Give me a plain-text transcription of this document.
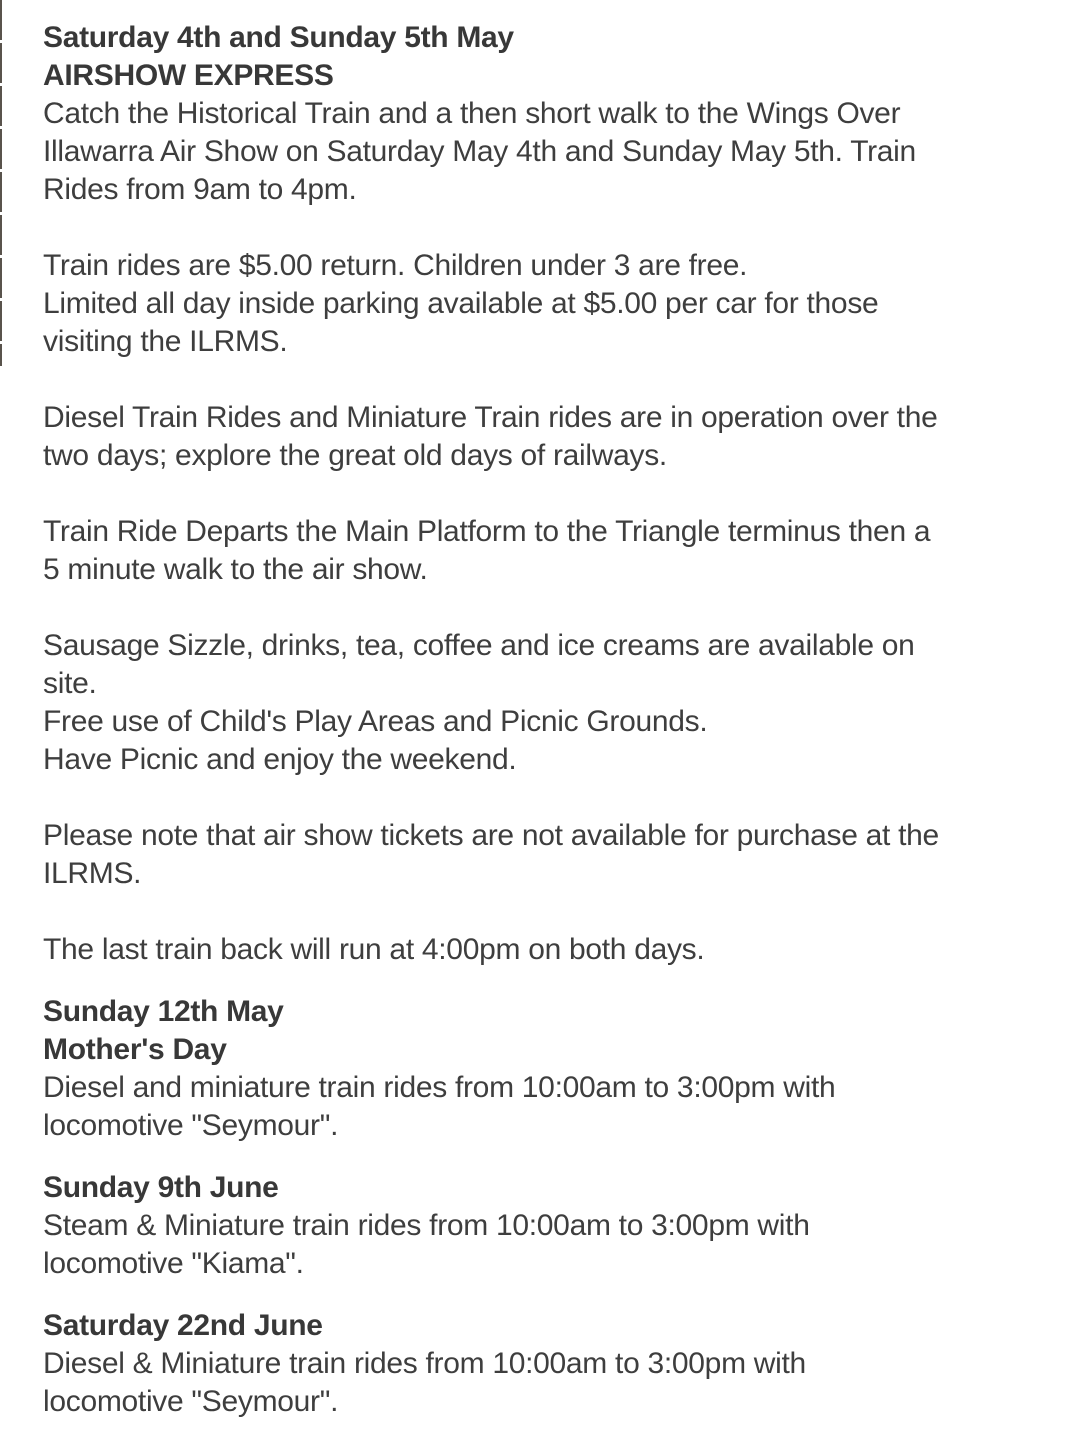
Saturday 4th and Sunday 5th May
AIRSHOW EXPRESS
Catch the Historical Train and a then short walk to the Wings Over
Illawarra Air Show on Saturday May 4th and Sunday May 5th. Train
Rides from 9am to 4pm.
Train rides are $5.00 return. Children under 3 are free.
Limited all day inside parking available at $5.00 per car for those
visiting the ILRMS.
Diesel Train Rides and Miniature Train rides are in operation over the
two days; explore the great old days of railways.
Train Ride Departs the Main Platform to the Triangle terminus then a
5 minute walk to the air show.
Sausage Sizzle, drinks, tea, coffee and ice creams are available on
site.
Free use of Child's Play Areas and Picnic Grounds.
Have Picnic and enjoy the weekend.
Please note that air show tickets are not available for purchase at the
ILRMS.
The last train back will run at 4:00pm on both days.
Sunday 12th May
Mother's Day
Diesel and miniature train rides from 10:00am to 3:00pm with
locomotive "Seymour".
Sunday 9th June
Steam & Miniature train rides from 10:00am to 3:00pm with
locomotive "Kiama".
Saturday 22nd June
Diesel & Miniature train rides from 10:00am to 3:00pm with
locomotive "Seymour".
